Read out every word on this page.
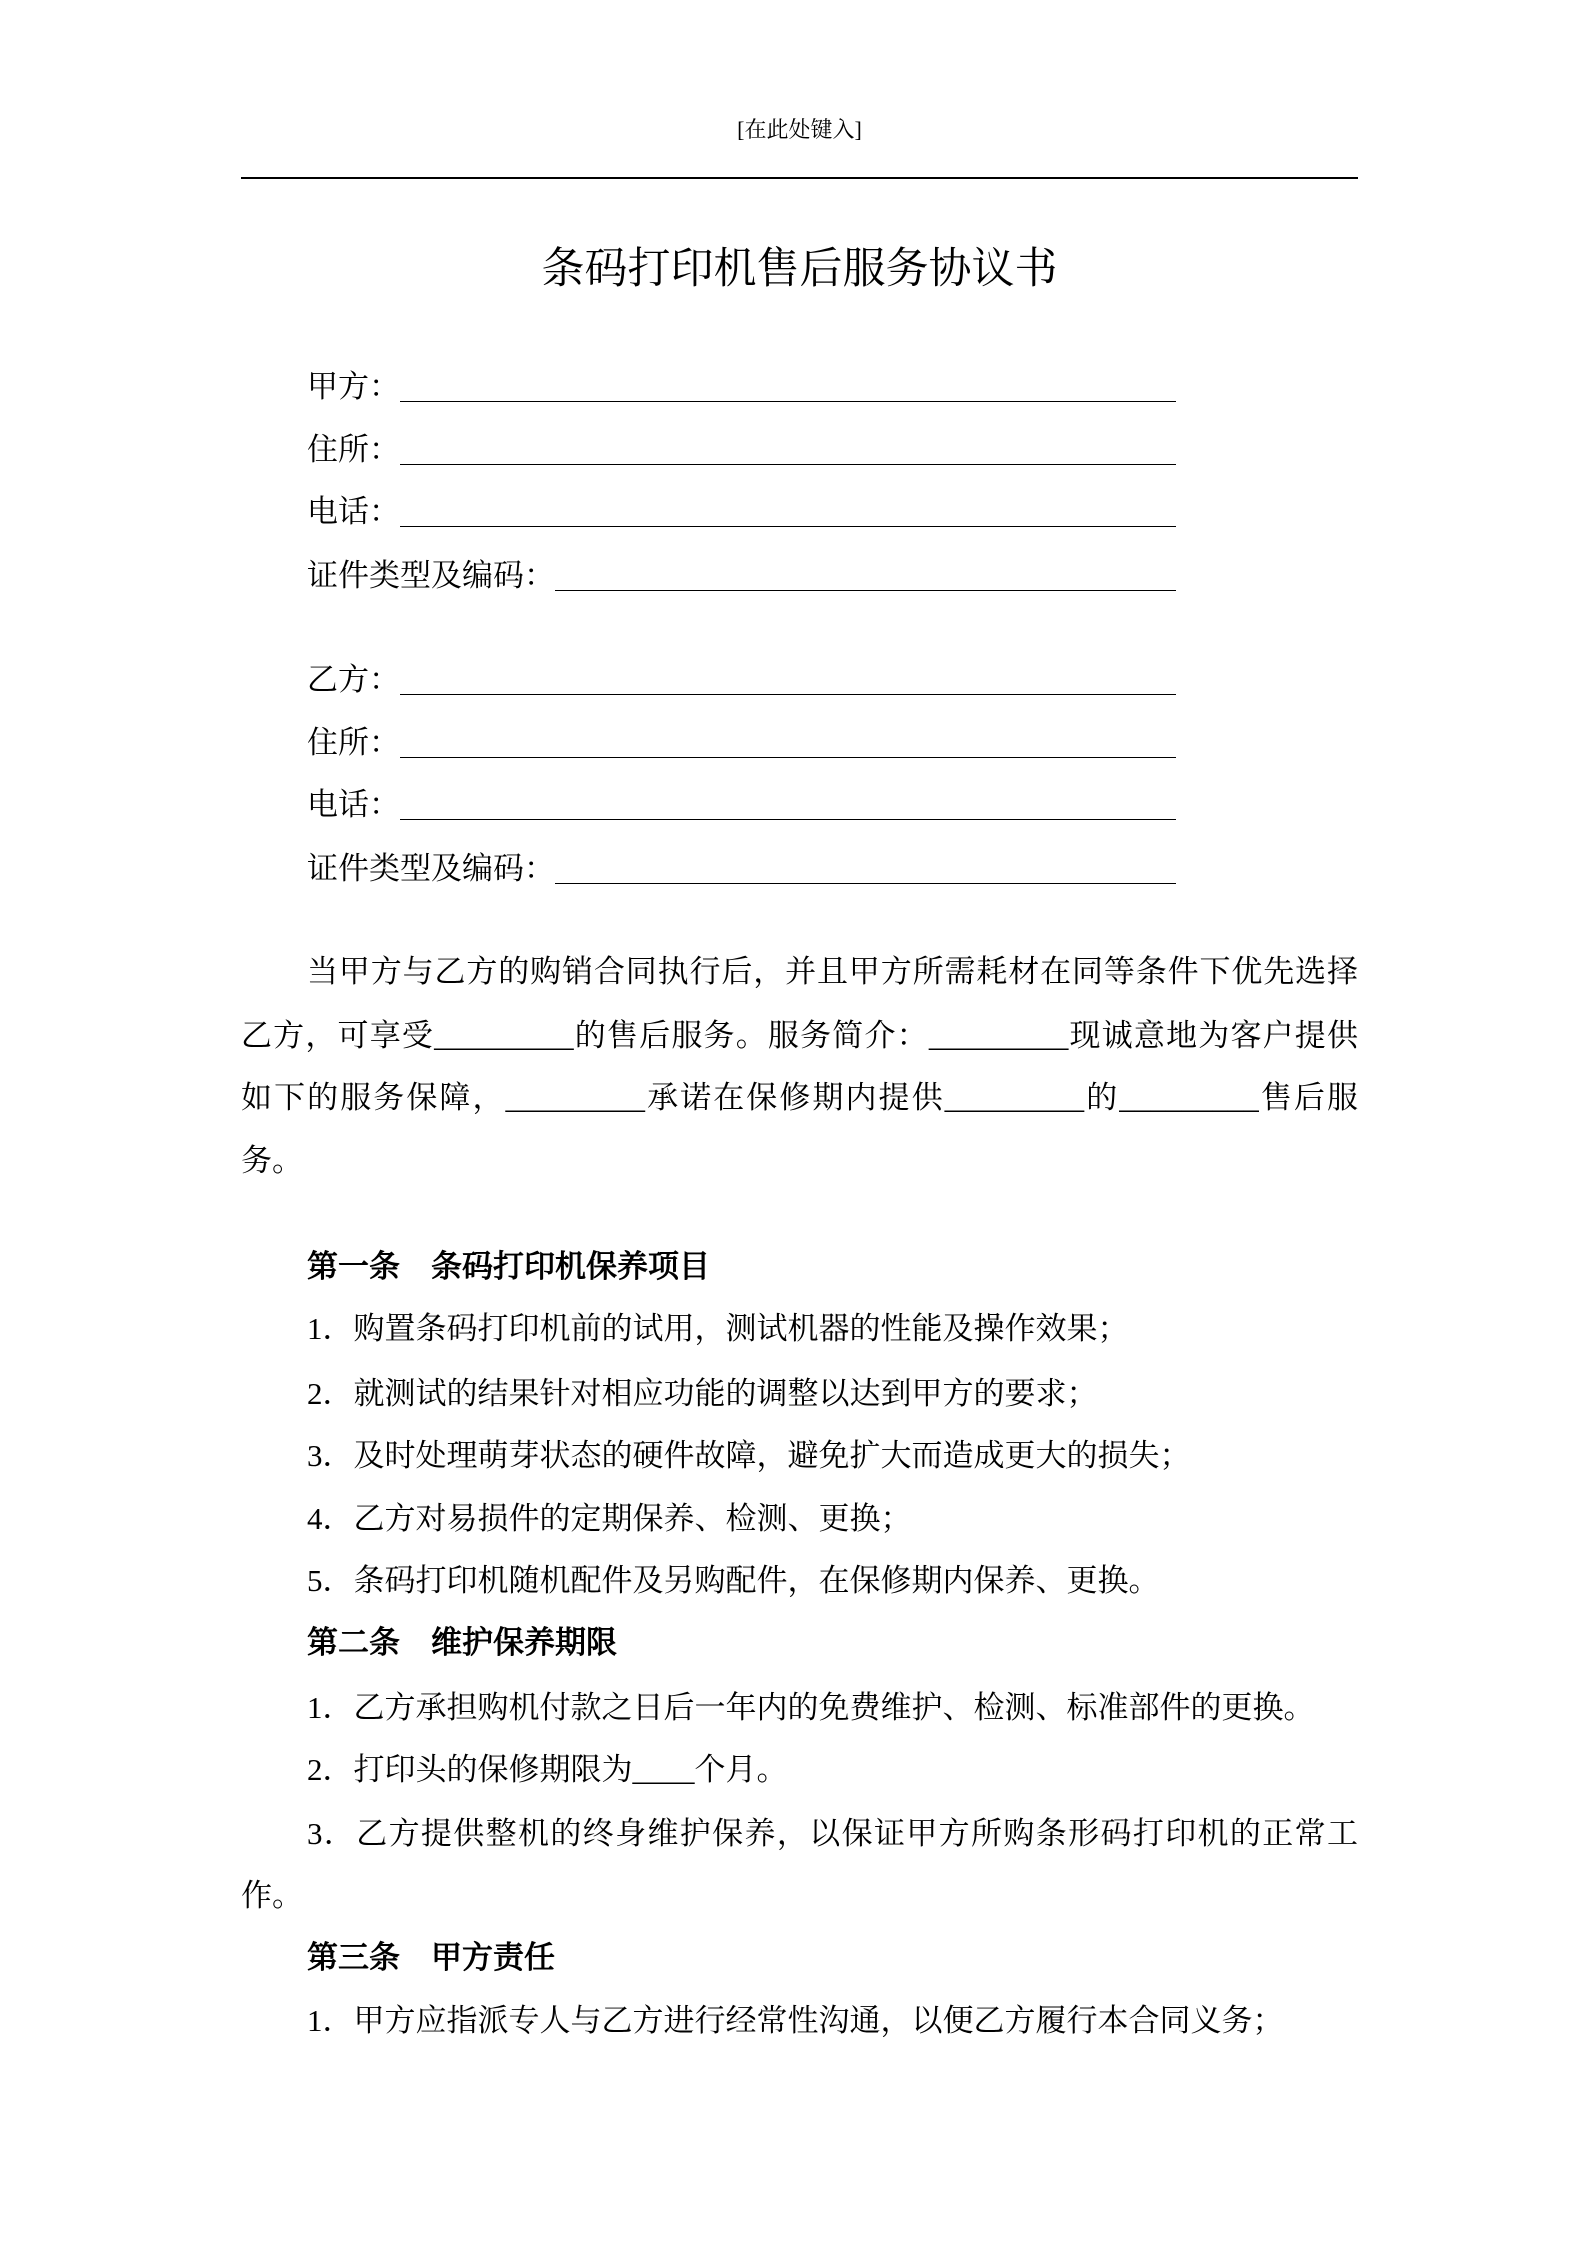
[在此处键入]
条码打印机售后服务协议书
甲方：
住所：
电话：
证件类型及编码：
乙方：
住所：
电话：
证件类型及编码：
当甲方与乙方的购销合同执行后，并且甲方所需耗材在同等条件下优先选择
乙方，可享受_________的售后服务。服务简介：_________现诚意地为客户提供
如下的服务保障，_________承诺在保修期内提供_________的_________售后服
务。
第一条　条码打印机保养项目
1．购置条码打印机前的试用，测试机器的性能及操作效果；
2．就测试的结果针对相应功能的调整以达到甲方的要求；
3．及时处理萌芽状态的硬件故障，避免扩大而造成更大的损失；
4．乙方对易损件的定期保养、检测、更换；
5．条码打印机随机配件及另购配件，在保修期内保养、更换。
第二条　维护保养期限
1．乙方承担购机付款之日后一年内的免费维护、检测、标准部件的更换。
2．打印头的保修期限为____个月。
3．乙方提供整机的终身维护保养，以保证甲方所购条形码打印机的正常工
作。
第三条　甲方责任
1．甲方应指派专人与乙方进行经常性沟通，以便乙方履行本合同义务；
